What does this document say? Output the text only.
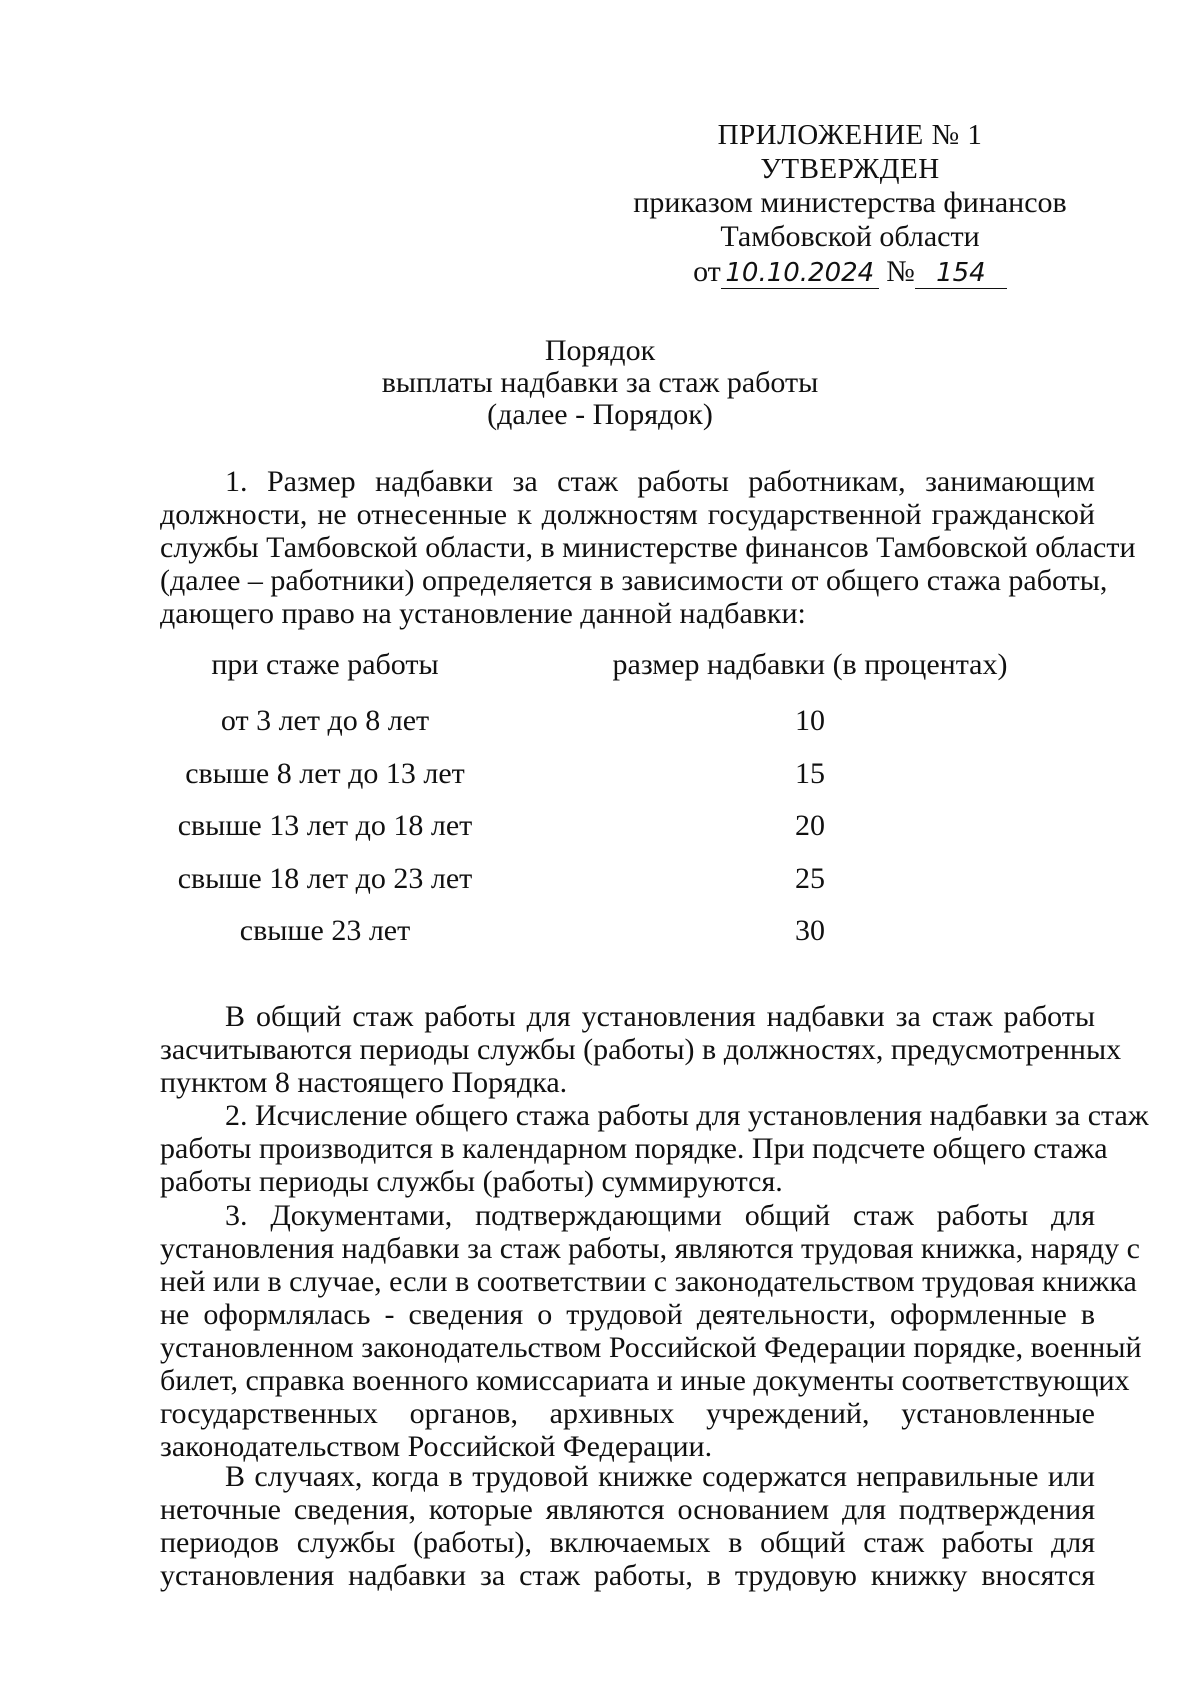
ПРИЛОЖЕНИЕ № 1
УТВЕРЖДЕН
приказом министерства финансов
Тамбовской области
от 10.10.2024 № 154
Порядок
выплаты надбавки за стаж работы
(далее - Порядок)
1. Размер надбавки за стаж работы работникам, занимающим
должности, не отнесенные к должностям государственной гражданской
службы Тамбовской области, в министерстве финансов Тамбовской области
(далее – работники) определяется в зависимости от общего стажа работы,
дающего право на установление данной надбавки:
при стаже работы	размер надбавки (в процентах)
от 3 лет до 8 лет	10
свыше 8 лет до 13 лет	15
свыше 13 лет до 18 лет	20
свыше 18 лет до 23 лет	25
свыше 23 лет	30
В общий стаж работы для установления надбавки за стаж работы
засчитываются периоды службы (работы) в должностях, предусмотренных
пунктом 8 настоящего Порядка.
2. Исчисление общего стажа работы для установления надбавки за стаж
работы производится в календарном порядке. При подсчете общего стажа
работы периоды службы (работы) суммируются.
3. Документами, подтверждающими общий стаж работы для
установления надбавки за стаж работы, являются трудовая книжка, наряду с
ней или в случае, если в соответствии с законодательством трудовая книжка
не оформлялась - сведения о трудовой деятельности, оформленные в
установленном законодательством Российской Федерации порядке, военный
билет, справка военного комиссариата и иные документы соответствующих
государственных органов, архивных учреждений, установленные
законодательством Российской Федерации.
В случаях, когда в трудовой книжке содержатся неправильные или
неточные сведения, которые являются основанием для подтверждения
периодов службы (работы), включаемых в общий стаж работы для
установления надбавки за стаж работы, в трудовую книжку вносятся
